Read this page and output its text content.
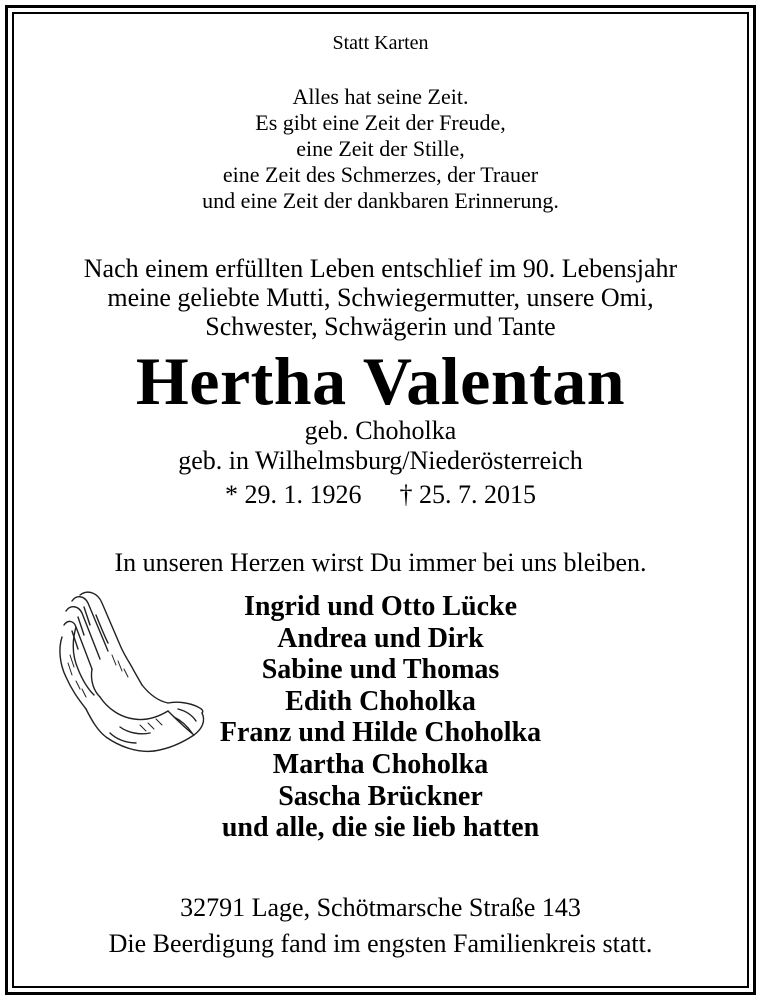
Statt Karten
Alles hat seine Zeit.
Es gibt eine Zeit der Freude,
eine Zeit der Stille,
eine Zeit des Schmerzes, der Trauer
und eine Zeit der dankbaren Erinnerung.
Nach einem erfüllten Leben entschlief im 90. Lebensjahr
meine geliebte Mutti, Schwiegermutter, unsere Omi,
Schwester, Schwägerin und Tante
Hertha Valentan
geb. Choholka
geb. in Wilhelmsburg/Niederösterreich
* 29. 1. 1926 † 25. 7. 2015
In unseren Herzen wirst Du immer bei uns bleiben.
Ingrid und Otto Lücke
Andrea und Dirk
Sabine und Thomas
Edith Choholka
Franz und Hilde Choholka
Martha Choholka
Sascha Brückner
und alle, die sie lieb hatten
32791 Lage, Schötmarsche Straße 143
Die Beerdigung fand im engsten Familienkreis statt.
